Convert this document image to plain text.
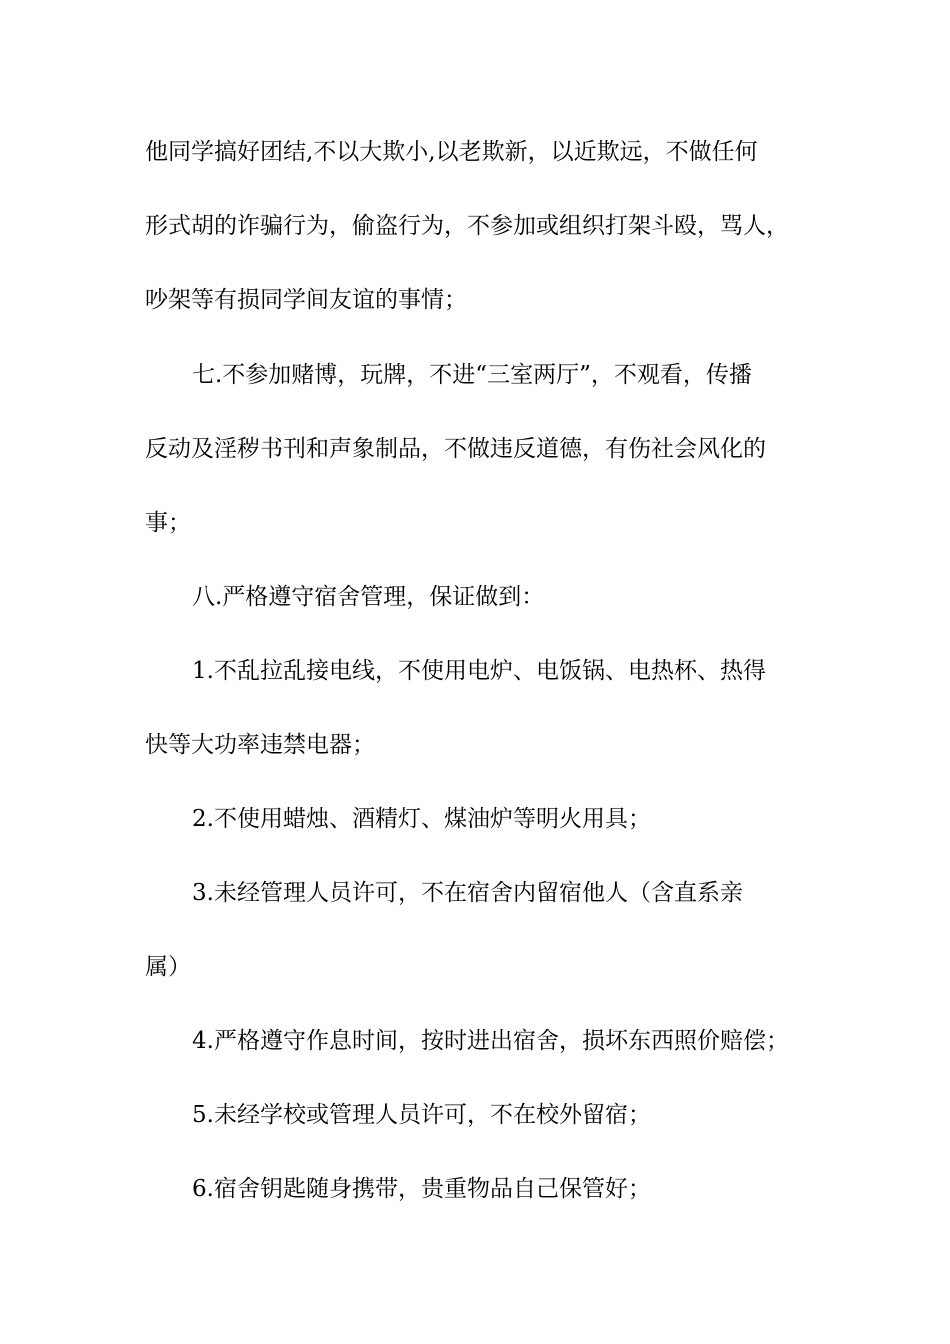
他同学搞好团结,不以大欺小,以老欺新，以近欺远，不做任何
形式胡的诈骗行为，偷盗行为，不参加或组织打架斗殴，骂人，
吵架等有损同学间友谊的事情；
七.不参加赌博，玩牌，不进“三室两厅”，不观看，传播
反动及淫秽书刊和声象制品，不做违反道德，有伤社会风化的
事；
八.严格遵守宿舍管理，保证做到：
1.不乱拉乱接电线，不使用电炉、电饭锅、电热杯、热得
快等大功率违禁电器；
2.不使用蜡烛、酒精灯、煤油炉等明火用具；
3.未经管理人员许可，不在宿舍内留宿他人（含直系亲
属）
4.严格遵守作息时间，按时进出宿舍，损坏东西照价赔偿；
5.未经学校或管理人员许可，不在校外留宿；
6.宿舍钥匙随身携带，贵重物品自己保管好；
